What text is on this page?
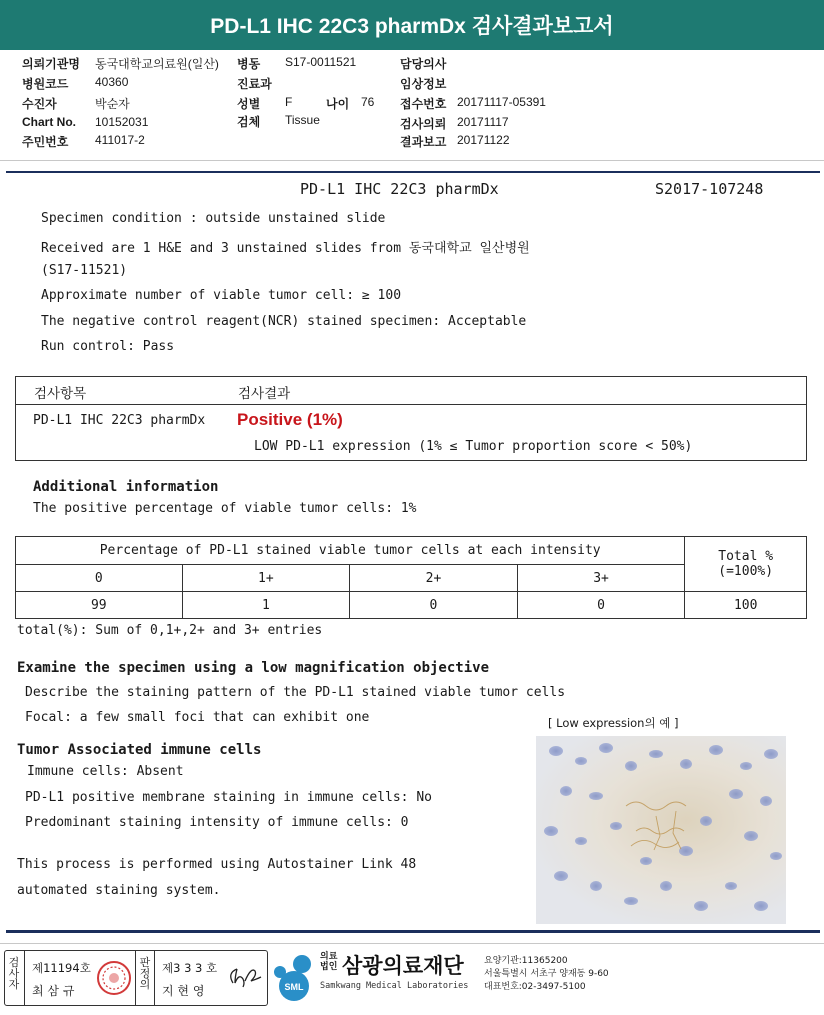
PD-L1 IHC 22C3 pharmDx 검사결과보고서
의뢰기관명 동국대학교의료원(일산)
병원코드 40360
수진자	박순자
Chart No. 10152031
주민번호 411017-2
병동 S17-0011521
진료과
성별 F	나이 76
검체 Tissue
담당의사
임상정보
접수번호 20171117-05391
검사의뢰 20171117
결과보고 20171122
PD-L1 IHC 22C3 pharmDx	S2017-107248
Specimen condition : outside unstained slide
Received are 1 H&E and 3 unstained slides from 동국대학교 일산병원
(S17-11521)
Approximate number of viable tumor cell: ≥ 100
The negative control reagent(NCR) stained specimen: Acceptable
Run control: Pass
검사항목	검사결과
PD-L1 IHC 22C3 pharmDx Positive (1%)
LOW PD-L1 expression (1% ≤ Tumor proportion score < 50%)
Additional information
The positive percentage of viable tumor cells: 1%
Percentage of PD-L1 stained viable tumor cells at each intensity				Total %
(=100%)

0	1+	2+	3+	
99	1	0	0	100
total(%): Sum of 0,1+,2+ and 3+ entries
Examine the specimen using a low magnification objective
Describe the staining pattern of the PD-L1 stained viable tumor cells
Focal: a few small foci that can exhibit one
Tumor Associated immune cells
Immune cells: Absent
PD-L1 positive membrane staining in immune cells: No
Predominant staining intensity of immune cells: 0
This process is performed using Autostainer Link 48
automated staining system.
[ Low expression의 예 ]
검사자
제11194호
최 삼 규
판정의
제3 3 3 호
지 현 영	SML
의료
법인 삼광의료재단
Samkwang Medical Laboratories
요양기관:11365200
서울특별시 서초구 양재동 9-60
대표번호:02-3497-5100
